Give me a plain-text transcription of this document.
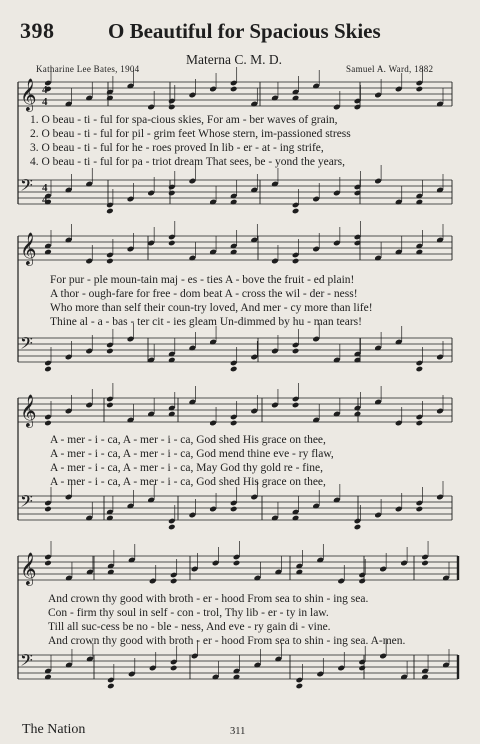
398	O Beautiful for Spacious Skies
Materna C. M. D.
Katharine Lee Bates, 1904	Samuel A. Ward, 1882
𝄞
𝄢
𝄞
𝄢
𝄞
𝄢
𝄞
𝄢
4
4
4
4
1. O beau - ti - ful for spa-cious skies, For am - ber waves of grain,
2. O beau - ti - ful for pil - grim feet Whose stern, im-passioned stress
3. O beau - ti - ful for he - roes proved In lib - er - at - ing strife,
4. O beau - ti - ful for pa - triot dream That sees, be - yond the years,
For pur - ple moun-tain maj - es - ties A - bove the fruit - ed plain!
A thor - ough-fare for free - dom beat A - cross the wil - der - ness!
Who more than self their coun-try loved, And mer - cy more than life!
Thine al - a - bas - ter cit - ies gleam Un-dimmed by hu - man tears!
A - mer - i - ca, A - mer - i - ca, God shed His grace on thee,
A - mer - i - ca, A - mer - i - ca, God mend thine eve - ry flaw,
A - mer - i - ca, A - mer - i - ca, May God thy gold re - fine,
A - mer - i - ca, A - mer - i - ca, God shed His grace on thee,
And crown thy good with broth - er - hood From sea to shin - ing sea.
Con - firm thy soul in self - con - trol, Thy lib - er - ty in law.
Till all suc-cess be no - ble - ness, And eve - ry gain di - vine.
And crown thy good with broth - er - hood From sea to shin - ing sea. A-men.
The Nation	311
